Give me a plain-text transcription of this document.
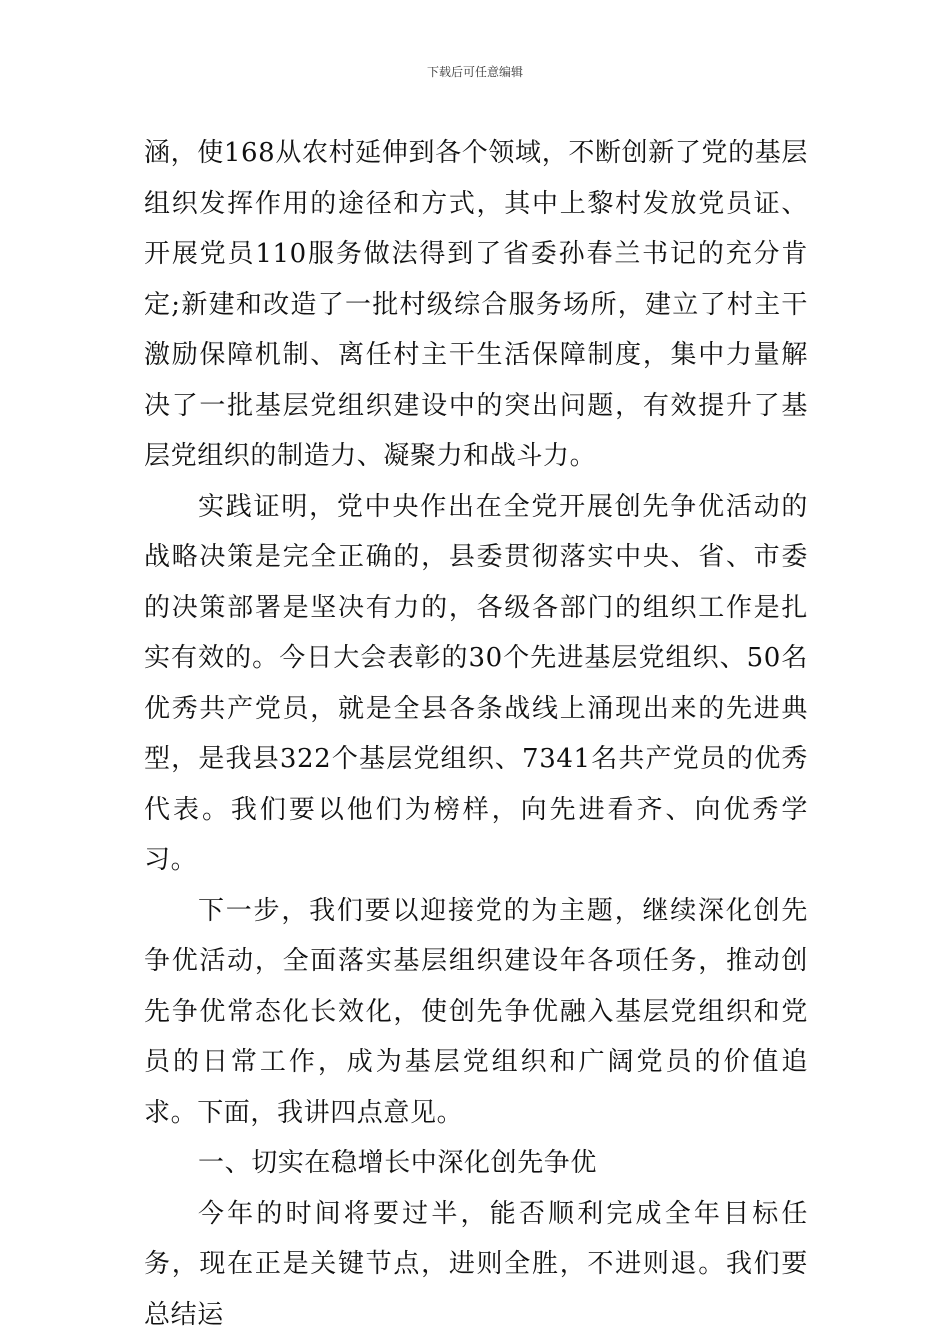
下载后可任意编辑

涵，使168从农村延伸到各个领域，不断创新了党的基层组织发挥作用的途径和方式，其中上黎村发放党员证、开展党员110服务做法得到了省委孙春兰书记的充分肯定;新建和改造了一批村级综合服务场所，建立了村主干激励保障机制、离任村主干生活保障制度，集中力量解决了一批基层党组织建设中的突出问题，有效提升了基层党组织的制造力、凝聚力和战斗力。

实践证明，党中央作出在全党开展创先争优活动的战略决策是完全正确的，县委贯彻落实中央、省、市委的决策部署是坚决有力的，各级各部门的组织工作是扎实有效的。今日大会表彰的30个先进基层党组织、50名优秀共产党员，就是全县各条战线上涌现出来的先进典型，是我县322个基层党组织、7341名共产党员的优秀代表。我们要以他们为榜样，向先进看齐、向优秀学习。

下一步，我们要以迎接党的为主题，继续深化创先争优活动，全面落实基层组织建设年各项任务，推动创先争优常态化长效化，使创先争优融入基层党组织和党员的日常工作，成为基层党组织和广阔党员的价值追求。下面，我讲四点意见。

一、切实在稳增长中深化创先争优

今年的时间将要过半，能否顺利完成全年目标任务，现在正是关键节点，进则全胜，不进则退。我们要总结运
